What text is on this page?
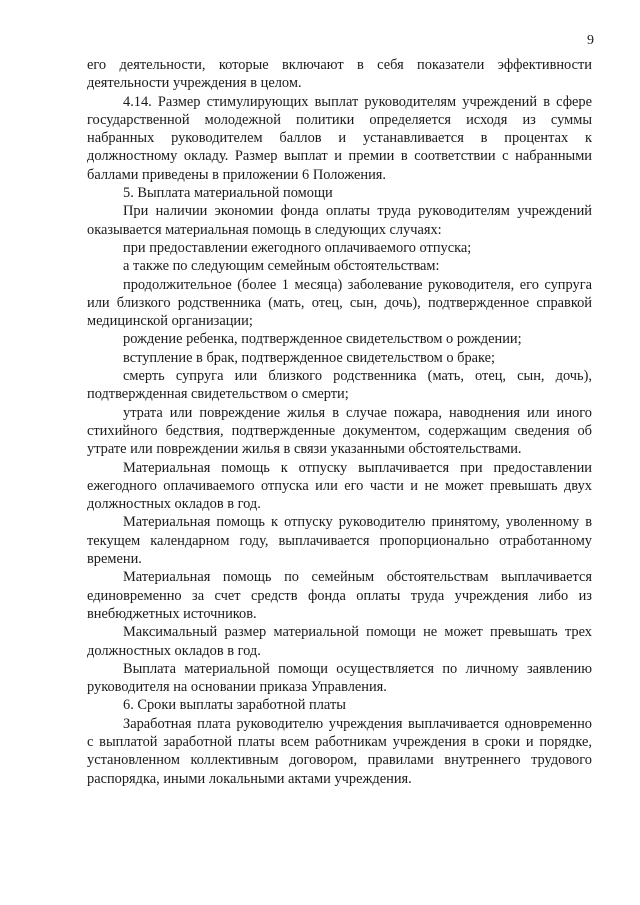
9

его деятельности, которые включают в себя показатели эффективности деятельности учреждения в целом.

4.14. Размер стимулирующих выплат руководителям учреждений в сфере государственной молодежной политики определяется исходя из суммы набранных руководителем баллов и устанавливается в процентах к должностному окладу. Размер выплат и премии в соответствии с набранными баллами приведены в приложении 6 Положения.

5. Выплата материальной помощи

При наличии экономии фонда оплаты труда руководителям учреждений оказывается материальная помощь в следующих случаях:

при предоставлении ежегодного оплачиваемого отпуска;

а также по следующим семейным обстоятельствам:

продолжительное (более 1 месяца) заболевание руководителя, его супруга или близкого родственника (мать, отец, сын, дочь), подтвержденное справкой медицинской организации;

рождение ребенка, подтвержденное свидетельством о рождении;

вступление в брак, подтвержденное свидетельством о браке;

смерть супруга или близкого родственника (мать, отец, сын, дочь), подтвержденная свидетельством о смерти;

утрата или повреждение жилья в случае пожара, наводнения или иного стихийного бедствия, подтвержденные документом, содержащим сведения об утрате или повреждении жилья в связи указанными обстоятельствами.

Материальная помощь к отпуску выплачивается при предоставлении ежегодного оплачиваемого отпуска или его части и не может превышать двух должностных окладов в год.

Материальная помощь к отпуску руководителю принятому, уволенному в текущем календарном году, выплачивается пропорционально отработанному времени.

Материальная помощь по семейным обстоятельствам выплачивается единовременно за счет средств фонда оплаты труда учреждения либо из внебюджетных источников.

Максимальный размер материальной помощи не может превышать трех должностных окладов в год.

Выплата материальной помощи осуществляется по личному заявлению руководителя на основании приказа Управления.

6. Сроки выплаты заработной платы

Заработная плата руководителю учреждения выплачивается одновременно с выплатой заработной платы всем работникам учреждения в сроки и порядке, установленном коллективным договором, правилами внутреннего трудового распорядка, иными локальными актами учреждения.
